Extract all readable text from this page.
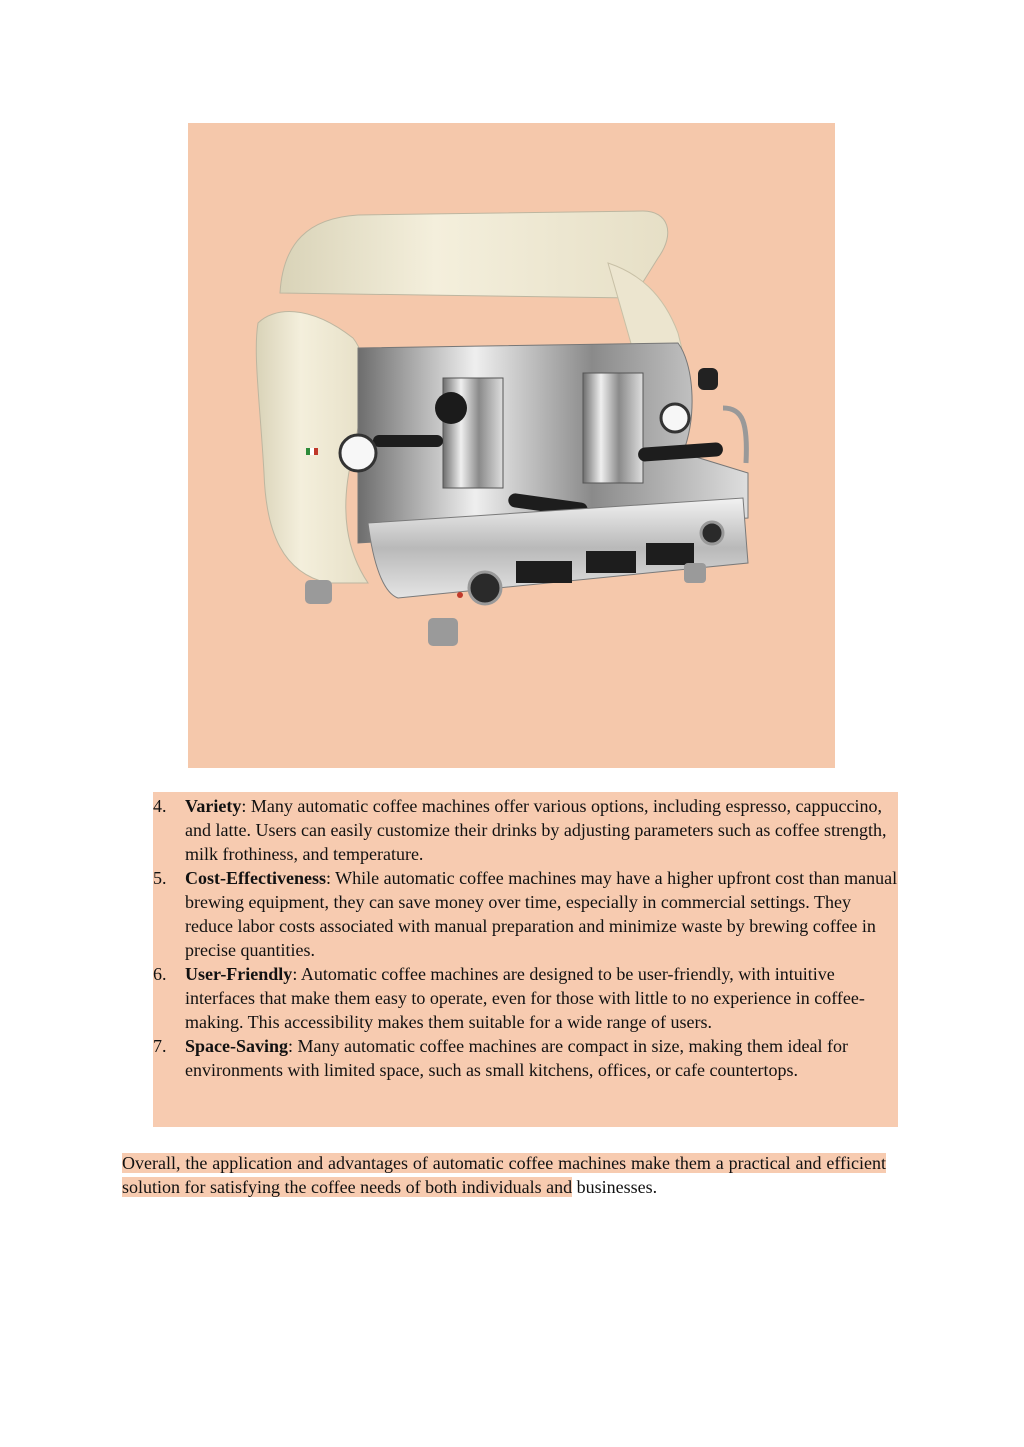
4. Variety: Many automatic coffee machines offer various options, including espresso, cappuccino, and latte. Users can easily customize their drinks by adjusting parameters such as coffee strength, milk frothiness, and temperature.
5. Cost-Effectiveness: While automatic coffee machines may have a higher upfront cost than manual brewing equipment, they can save money over time, especially in commercial settings. They reduce labor costs associated with manual preparation and minimize waste by brewing coffee in precise quantities.
6. User-Friendly: Automatic coffee machines are designed to be user-friendly, with intuitive interfaces that make them easy to operate, even for those with little to no experience in coffee-making. This accessibility makes them suitable for a wide range of users.
7. Space-Saving: Many automatic coffee machines are compact in size, making them ideal for environments with limited space, such as small kitchens, offices, or cafe countertops.

Overall, the application and advantages of automatic coffee machines make them a practical and efficient solution for satisfying the coffee needs of both individuals and businesses.
